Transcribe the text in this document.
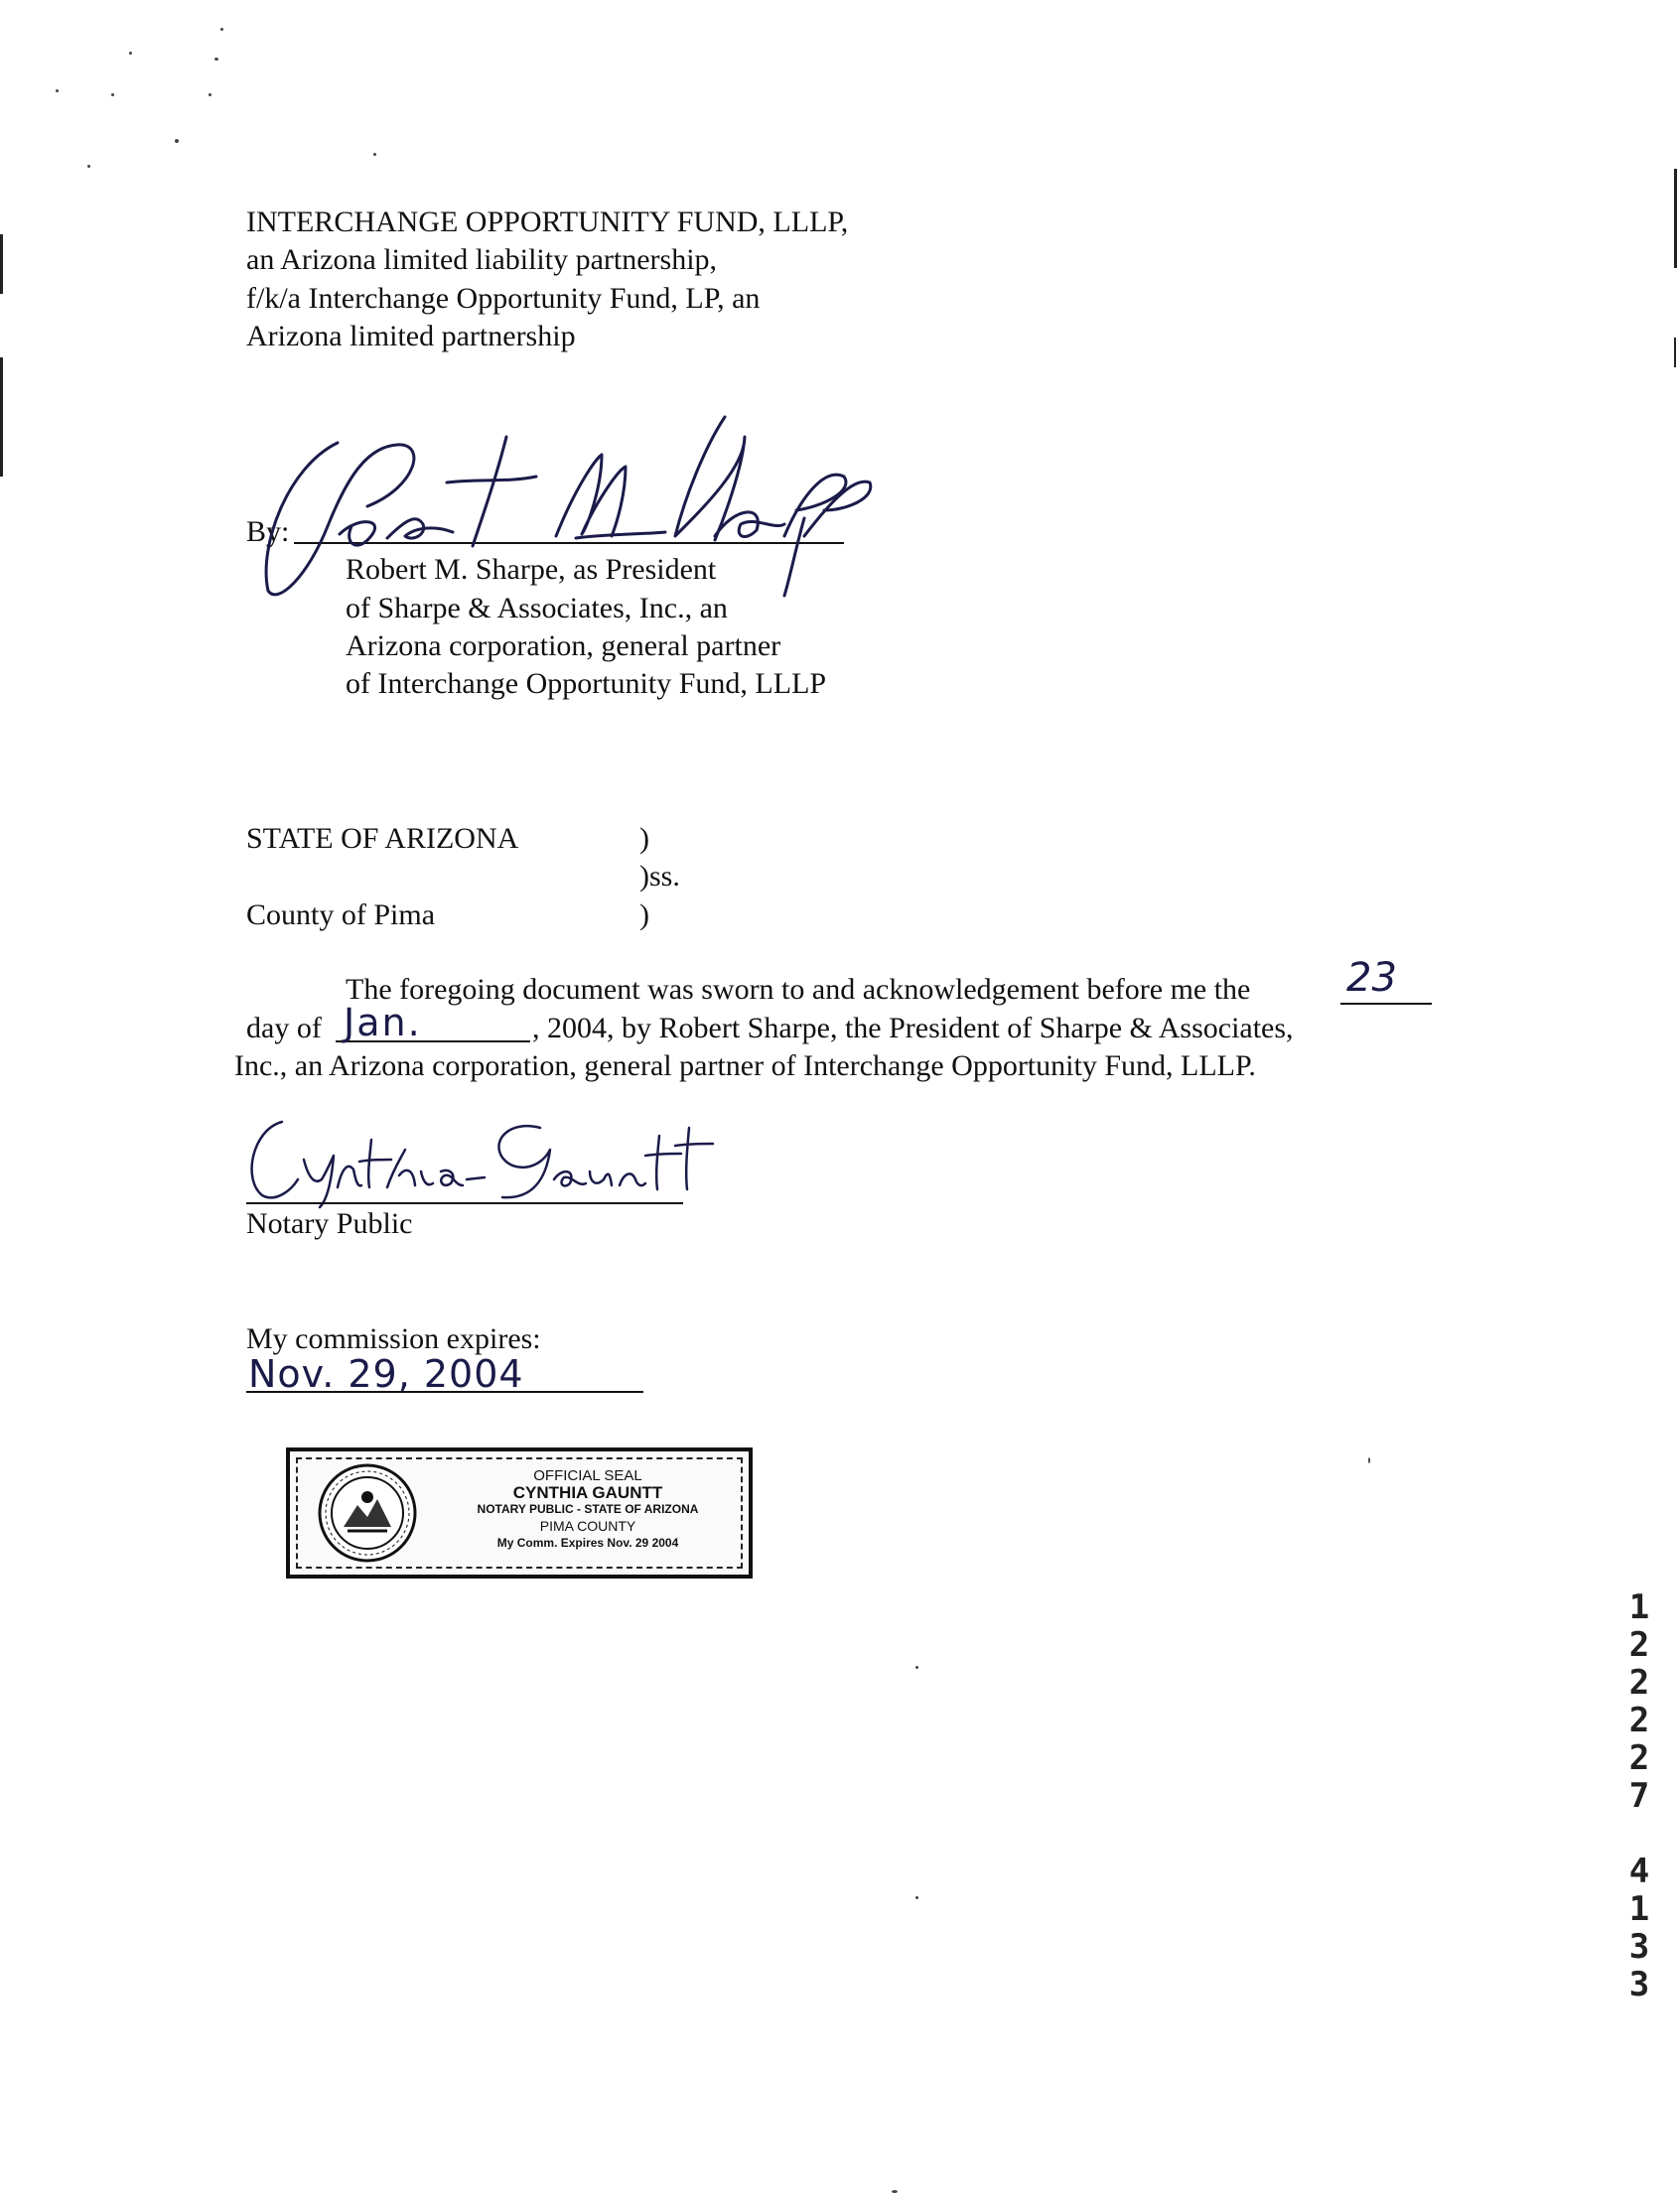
INTERCHANGE OPPORTUNITY FUND, LLLP,
an Arizona limited liability partnership,
f/k/a Interchange Opportunity Fund, LP, an
Arizona limited partnership
By:
Robert M. Sharpe, as President
of Sharpe & Associates, Inc., an
Arizona corporation, general partner
of Interchange Opportunity Fund, LLLP
STATE OF ARIZONA	)
)ss.
County of Pima	)
The foregoing document was sworn to and acknowledgement before me the 23
day of Jan.	, 2004, by Robert Sharpe, the President of Sharpe & Associates,
Inc., an Arizona corporation, general partner of Interchange Opportunity Fund, LLLP.
Notary Public
My commission expires:
Nov. 29, 2004
OFFICIAL SEAL
CYNTHIA GAUNTT
NOTARY PUBLIC - STATE OF ARIZONA
PIMA COUNTY
My Comm. Expires Nov. 29 2004
1
2
2
2
2
7

4
1
3
3
